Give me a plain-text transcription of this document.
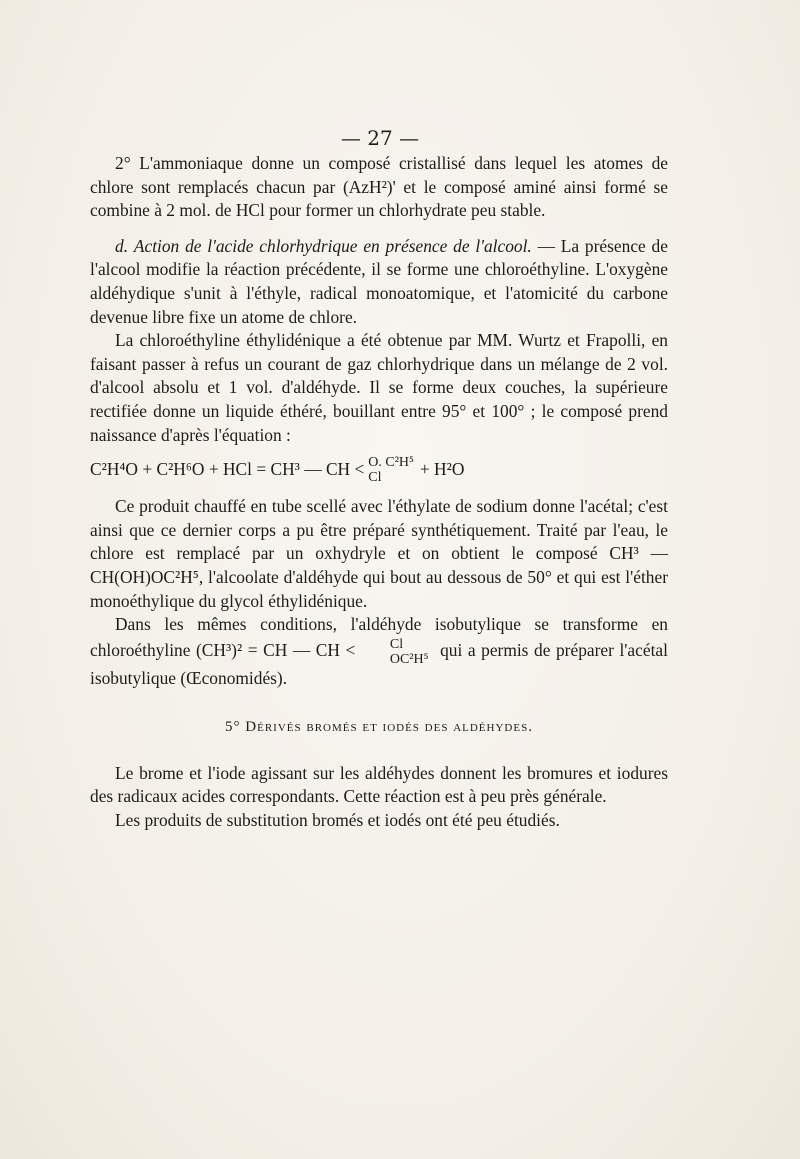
— 27 —

2° L'ammoniaque donne un composé cristallisé dans lequel les atomes de chlore sont remplacés chacun par (AzH²)' et le composé aminé ainsi formé se combine à 2 mol. de HCl pour former un chlorhydrate peu stable.

d. Action de l'acide chlorhydrique en présence de l'alcool. — La présence de l'alcool modifie la réaction précédente, il se forme une chloroéthyline. L'oxygène aldéhydique s'unit à l'éthyle, radical monoatomique, et l'atomicité du carbone devenue libre fixe un atome de chlore.

La chloroéthyline éthylidénique a été obtenue par MM. Wurtz et Frapolli, en faisant passer à refus un courant de gaz chlorhydrique dans un mélange de 2 vol. d'alcool absolu et 1 vol. d'aldéhyde. Il se forme deux couches, la supérieure rectifiée donne un liquide éthéré, bouillant entre 95° et 100° ; le composé prend naissance d'après l'équation :

C²H⁴O + C²H⁶O + HCl = CH³ — CH < O. C²H⁵
Cl	+ H²O

Ce produit chauffé en tube scellé avec l'éthylate de sodium donne l'acétal; c'est ainsi que ce dernier corps a pu être préparé synthétiquement. Traité par l'eau, le chlore est remplacé par un oxhydryle et on obtient le composé CH³ — CH(OH)OC²H⁵, l'alcoolate d'aldéhyde qui bout au dessous de 50° et qui est l'éther monoéthylique du glycol éthylidénique.

Dans les mêmes conditions, l'aldéhyde isobutylique se transforme en chloroéthyline (CH³)² = CH — CH <	Cl
OC²H⁵ qui a permis de préparer l'acétal isobutylique (Œconomidés).

5° Dérivés bromés et iodés des aldéhydes.

Le brome et l'iode agissant sur les aldéhydes donnent les bromures et iodures des radicaux acides correspondants. Cette réaction est à peu près générale.

Les produits de substitution bromés et iodés ont été peu étudiés.
